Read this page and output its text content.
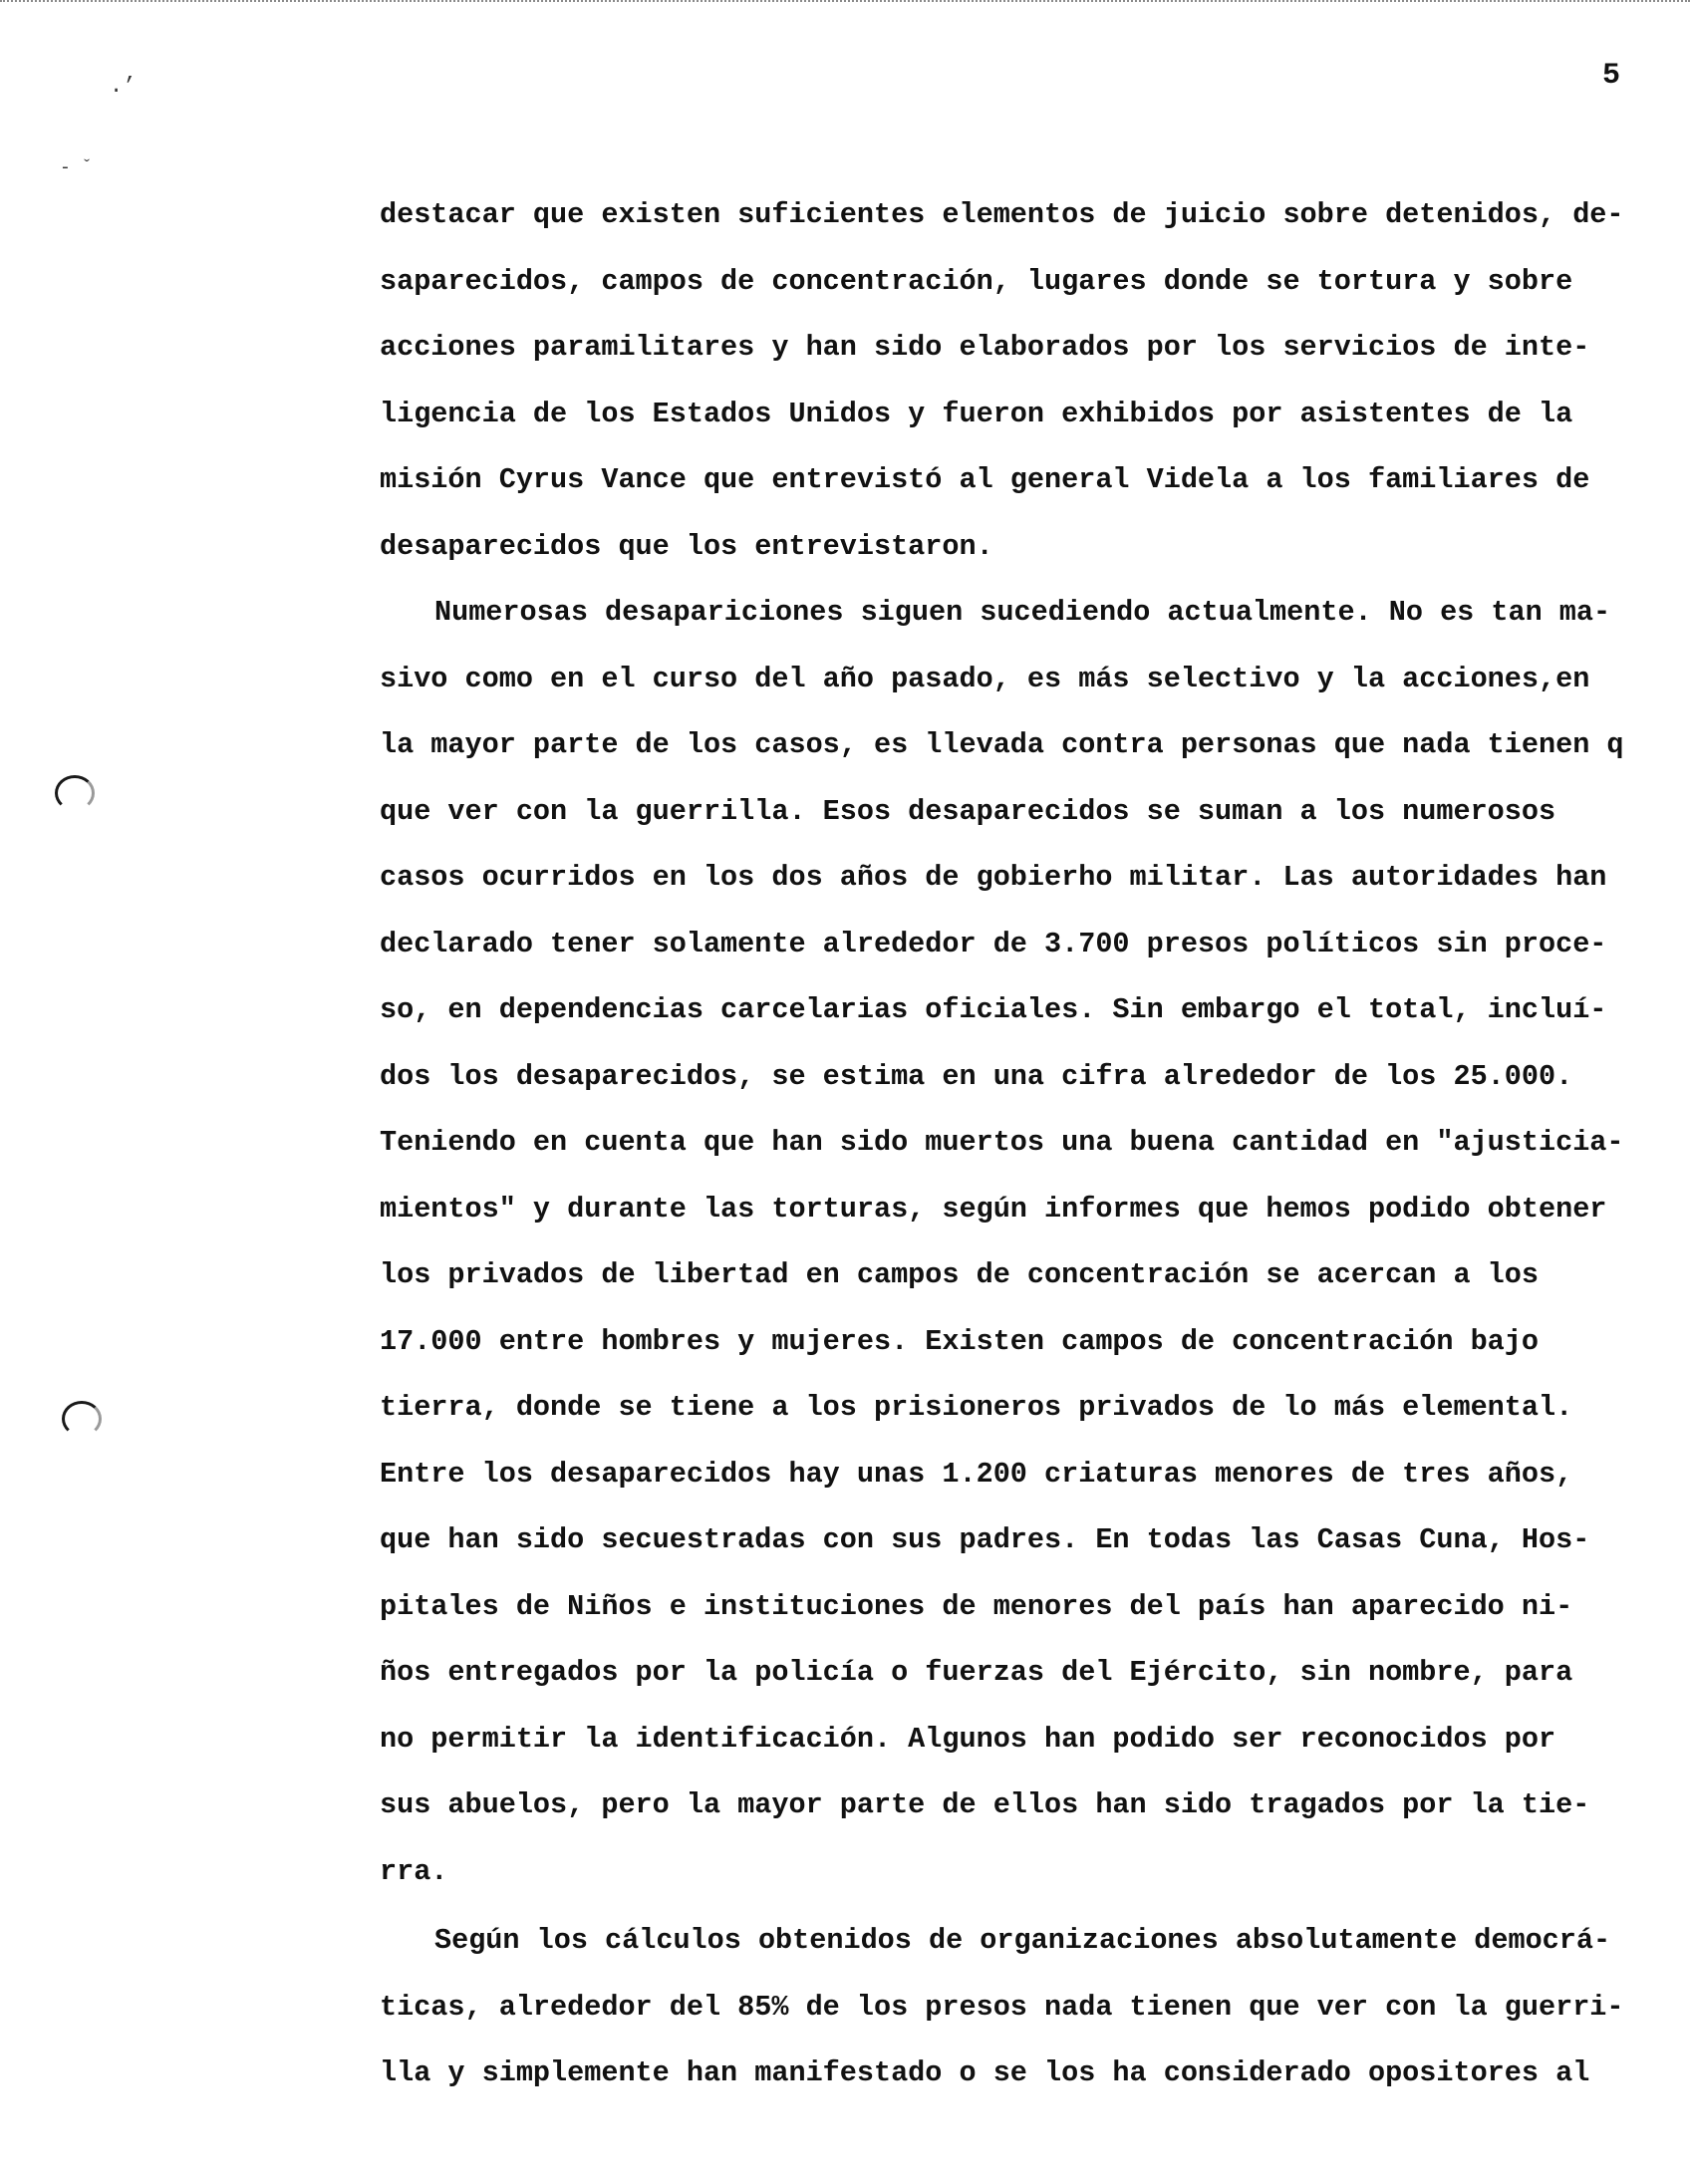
.’
- ˇ
5
destacar que existen suficientes elementos de juicio sobre detenidos, de-
saparecidos, campos de concentración, lugares donde se tortura y sobre
acciones paramilitares y han sido elaborados por los servicios de inte-
ligencia de los Estados Unidos y fueron exhibidos por asistentes de la
misión Cyrus Vance que entrevistó al general Videla a los familiares de
desaparecidos que los entrevistaron.
Numerosas desapariciones siguen sucediendo actualmente. No es tan ma-
sivo como en el curso del año pasado, es más selectivo y la acciones,en
la mayor parte de los casos, es llevada contra personas que nada tienen q
que ver con la guerrilla. Esos desaparecidos se suman a los numerosos
casos ocurridos en los dos años de gobierho militar. Las autoridades han
declarado tener solamente alrededor de 3.700 presos políticos sin proce-
so, en dependencias carcelarias oficiales. Sin embargo el total, incluí-
dos los desaparecidos, se estima en una cifra alrededor de los 25.000.
Teniendo en cuenta que han sido muertos una buena cantidad en "ajusticia-
mientos" y durante las torturas, según informes que hemos podido obtener
los privados de libertad en campos de concentración se acercan a los
17.000 entre hombres y mujeres. Existen campos de concentración bajo
tierra, donde se tiene a los prisioneros privados de lo más elemental.
Entre los desaparecidos hay unas 1.200 criaturas menores de tres años,
que han sido secuestradas con sus padres. En todas las Casas Cuna, Hos-
pitales de Niños e instituciones de menores del país han aparecido ni-
ños entregados por la policía o fuerzas del Ejército, sin nombre, para
no permitir la identificación. Algunos han podido ser reconocidos por
sus abuelos, pero la mayor parte de ellos han sido tragados por la tie-
rra.
Según los cálculos obtenidos de organizaciones absolutamente democrá-
ticas, alrededor del 85% de los presos nada tienen que ver con la guerri-
lla y simplemente han manifestado o se los ha considerado opositores al
